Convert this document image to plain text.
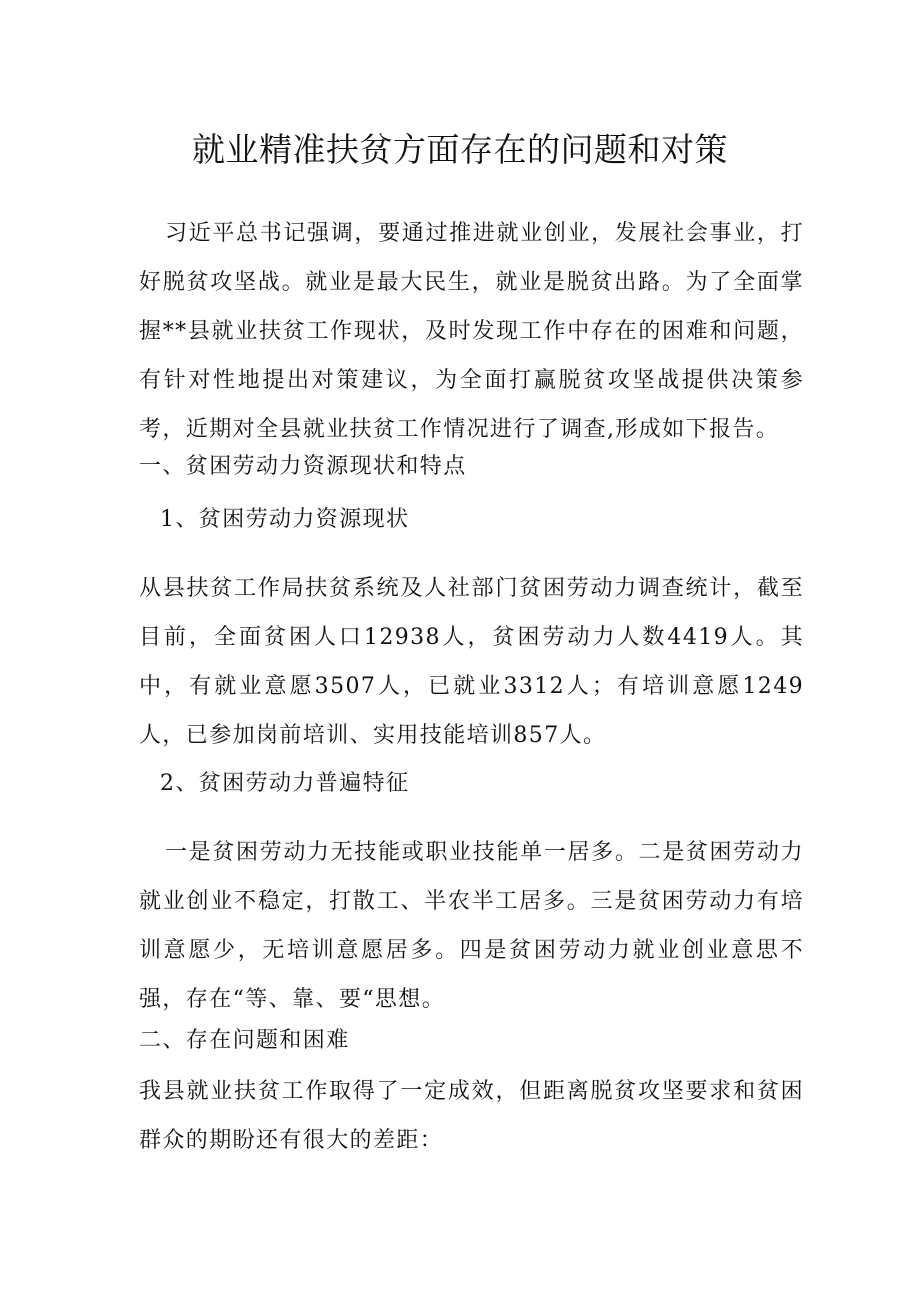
就业精准扶贫方面存在的问题和对策

习近平总书记强调，要通过推进就业创业，发展社会事业，打好脱贫攻坚战。就业是最大民生，就业是脱贫出路。为了全面掌握**县就业扶贫工作现状，及时发现工作中存在的困难和问题，有针对性地提出对策建议，为全面打赢脱贫攻坚战提供决策参考，近期对全县就业扶贫工作情况进行了调查,形成如下报告。

一、贫困劳动力资源现状和特点

1、贫困劳动力资源现状

从县扶贫工作局扶贫系统及人社部门贫困劳动力调查统计，截至目前，全面贫困人口12938人，贫困劳动力人数4419人。其中，有就业意愿3507人，已就业3312人；有培训意愿1249人，已参加岗前培训、实用技能培训857人。

2、贫困劳动力普遍特征

一是贫困劳动力无技能或职业技能单一居多。二是贫困劳动力就业创业不稳定，打散工、半农半工居多。三是贫困劳动力有培训意愿少，无培训意愿居多。四是贫困劳动力就业创业意思不强，存在“等、靠、要“思想。

二、存在问题和困难

我县就业扶贫工作取得了一定成效，但距离脱贫攻坚要求和贫困群众的期盼还有很大的差距：
